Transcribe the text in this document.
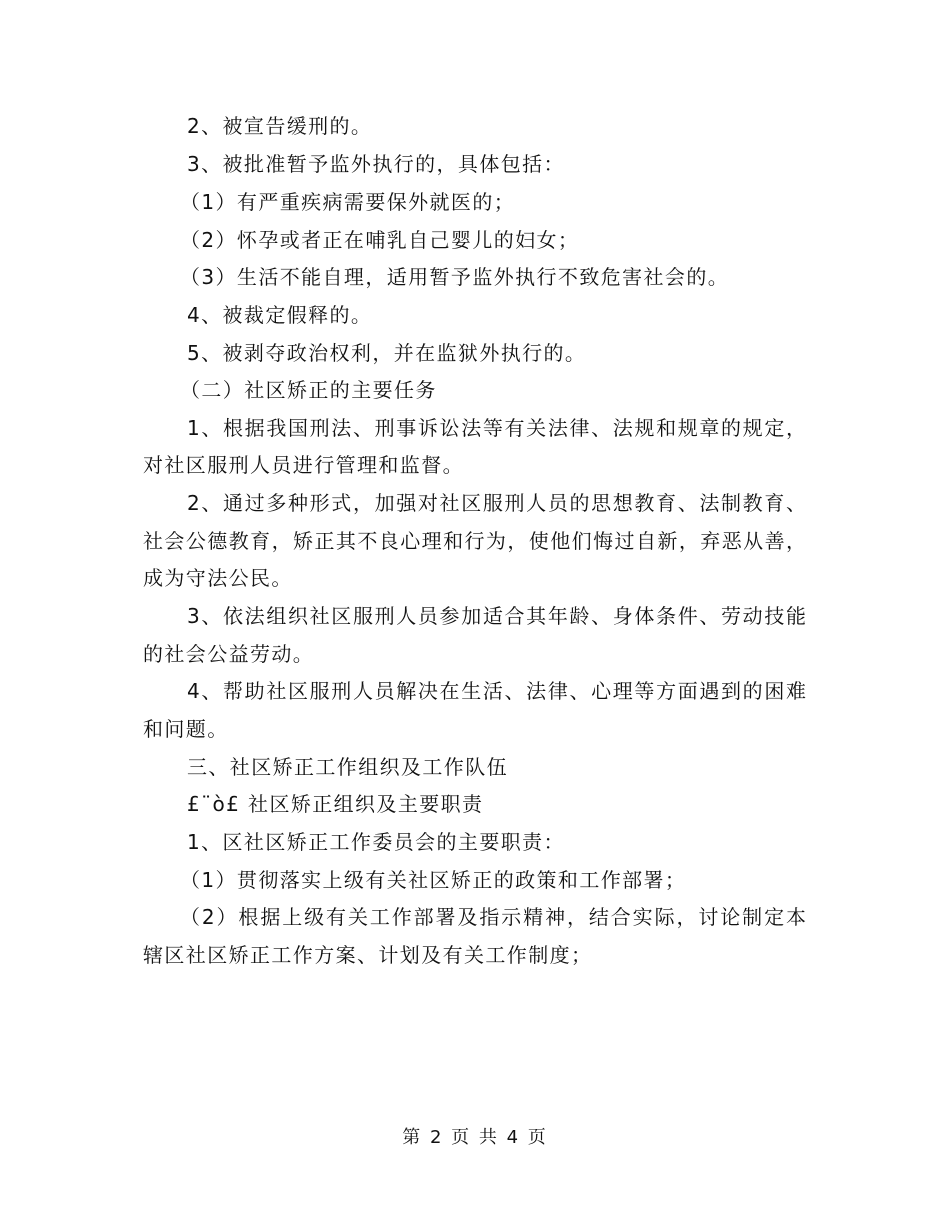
2、被宣告缓刑的。
3、被批准暂予监外执行的，具体包括：
（1）有严重疾病需要保外就医的；
（2）怀孕或者正在哺乳自己婴儿的妇女；
（3）生活不能自理，适用暂予监外执行不致危害社会的。
4、被裁定假释的。
5、被剥夺政治权利，并在监狱外执行的。
（二）社区矫正的主要任务
1、根据我国刑法、刑事诉讼法等有关法律、法规和规章的规定，
对社区服刑人员进行管理和监督。
2、通过多种形式，加强对社区服刑人员的思想教育、法制教育、
社会公德教育，矫正其不良心理和行为，使他们悔过自新，弃恶从善，
成为守法公民。
3、依法组织社区服刑人员参加适合其年龄、身体条件、劳动技能
的社会公益劳动。
4、帮助社区服刑人员解决在生活、法律、心理等方面遇到的困难
和问题。
三、社区矫正工作组织及工作队伍
£¨ò£ 社区矫正组织及主要职责
1、区社区矫正工作委员会的主要职责：
（1）贯彻落实上级有关社区矫正的政策和工作部署；
（2）根据上级有关工作部署及指示精神，结合实际，讨论制定本
辖区社区矫正工作方案、计划及有关工作制度；
第 2 页 共 4 页
